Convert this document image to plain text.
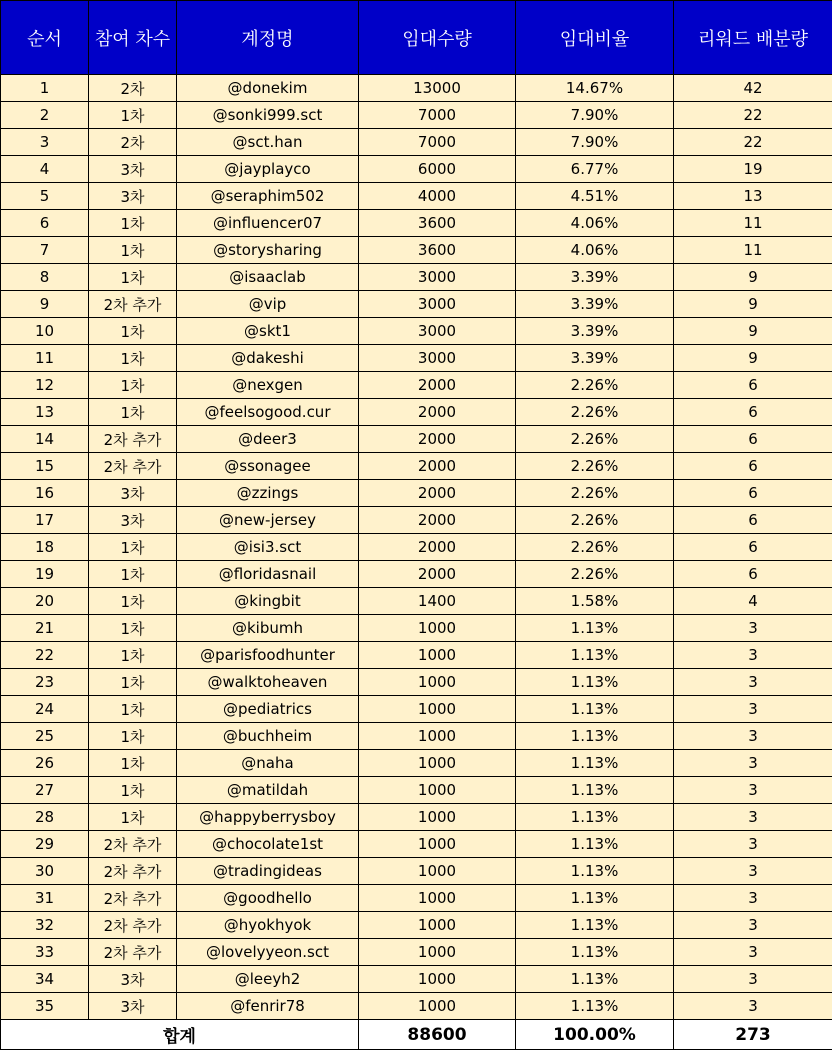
순서	참여 차수	계정명	임대수량	임대비율	리워드 배분량
1	2차	@donekim	13000	14.67%	42
2	1차	@sonki999.sct	7000	7.90%	22
3	2차	@sct.han	7000	7.90%	22
4	3차	@jayplayco	6000	6.77%	19
5	3차	@seraphim502	4000	4.51%	13
6	1차	@influencer07	3600	4.06%	11
7	1차	@storysharing	3600	4.06%	11
8	1차	@isaaclab	3000	3.39%	9
9	2차 추가	@vip	3000	3.39%	9
10	1차	@skt1	3000	3.39%	9
11	1차	@dakeshi	3000	3.39%	9
12	1차	@nexgen	2000	2.26%	6
13	1차	@feelsogood.cur	2000	2.26%	6
14	2차 추가	@deer3	2000	2.26%	6
15	2차 추가	@ssonagee	2000	2.26%	6
16	3차	@zzings	2000	2.26%	6
17	3차	@new-jersey	2000	2.26%	6
18	1차	@isi3.sct	2000	2.26%	6
19	1차	@floridasnail	2000	2.26%	6
20	1차	@kingbit	1400	1.58%	4
21	1차	@kibumh	1000	1.13%	3
22	1차	@parisfoodhunter	1000	1.13%	3
23	1차	@walktoheaven	1000	1.13%	3
24	1차	@pediatrics	1000	1.13%	3
25	1차	@buchheim	1000	1.13%	3
26	1차	@naha	1000	1.13%	3
27	1차	@matildah	1000	1.13%	3
28	1차	@happyberrysboy	1000	1.13%	3
29	2차 추가	@chocolate1st	1000	1.13%	3
30	2차 추가	@tradingideas	1000	1.13%	3
31	2차 추가	@goodhello	1000	1.13%	3
32	2차 추가	@hyokhyok	1000	1.13%	3
33	2차 추가	@lovelyyeon.sct	1000	1.13%	3
34	3차	@leeyh2	1000	1.13%	3
35	3차	@fenrir78	1000	1.13%	3
합계			88600	100.00%	273
